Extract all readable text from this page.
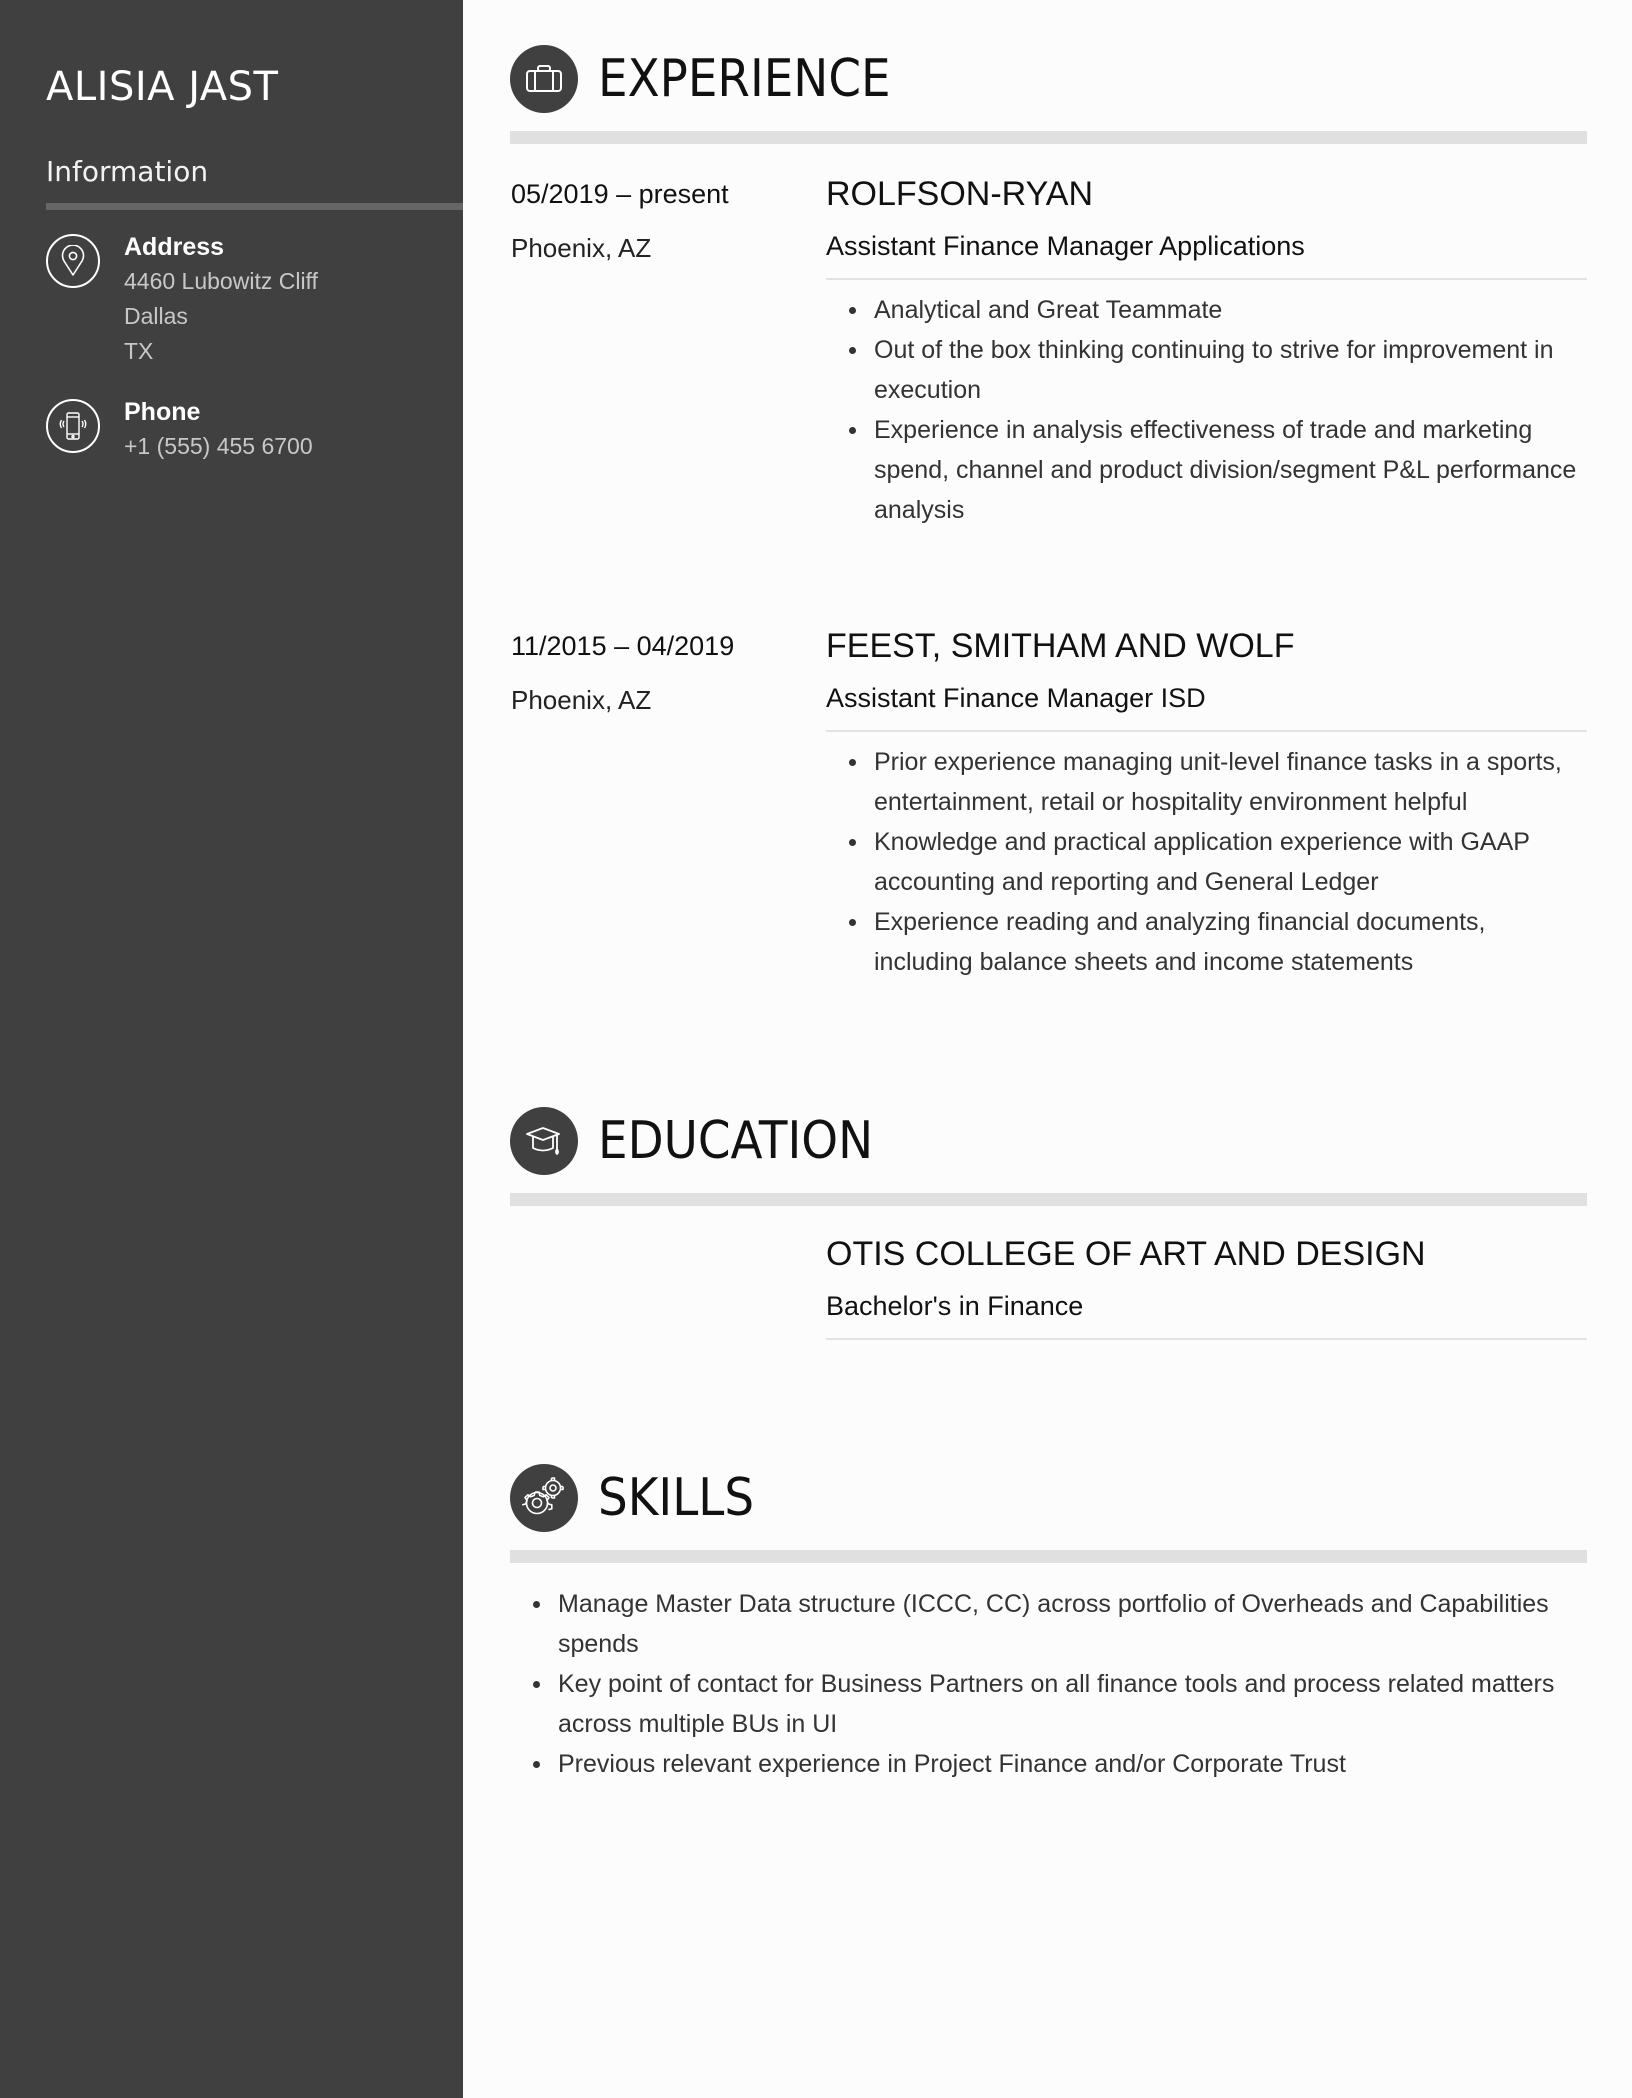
ALISIA JAST
Information
Address
4460 Lubowitz Cliff
Dallas
TX
Phone
+1 (555) 455 6700
EXPERIENCE
05/2019 – present
Phoenix, AZ
ROLFSON-RYAN
Assistant Finance Manager Applications
Analytical and Great Teammate
Out of the box thinking continuing to strive for improvement in execution
Experience in analysis effectiveness of trade and marketing spend, channel and product division/segment P&L performance analysis
11/2015 – 04/2019
Phoenix, AZ
FEEST, SMITHAM AND WOLF
Assistant Finance Manager ISD
Prior experience managing unit-level finance tasks in a sports, entertainment, retail or hospitality environment helpful
Knowledge and practical application experience with GAAP accounting and reporting and General Ledger
Experience reading and analyzing financial documents, including balance sheets and income statements
EDUCATION
OTIS COLLEGE OF ART AND DESIGN
Bachelor's in Finance
SKILLS
Manage Master Data structure (ICCC, CC) across portfolio of Overheads and Capabilities spends
Key point of contact for Business Partners on all finance tools and process related matters across multiple BUs in UI
Previous relevant experience in Project Finance and/or Corporate Trust
